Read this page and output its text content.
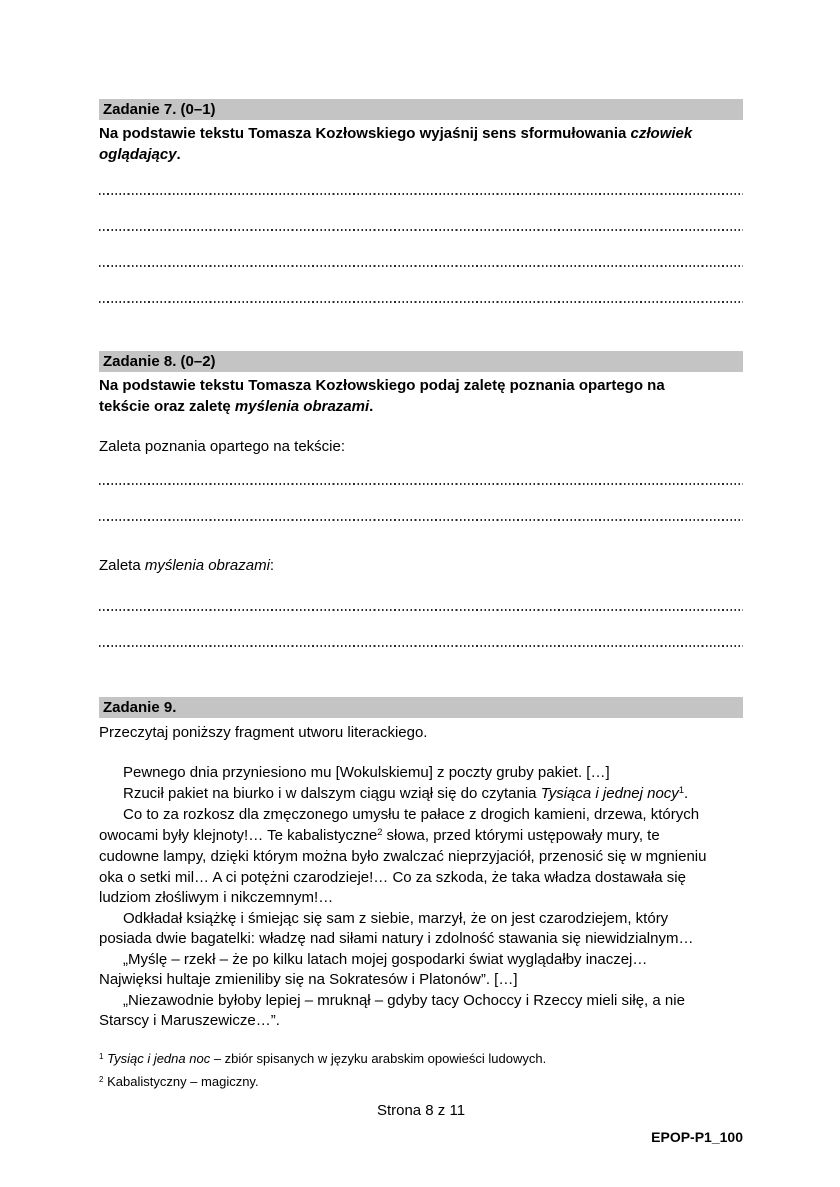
Zadanie 7. (0–1)
Na podstawie tekstu Tomasza Kozłowskiego wyjaśnij sens sformułowania człowiek
oglądający.
Zadanie 8. (0–2)
Na podstawie tekstu Tomasza Kozłowskiego podaj zaletę poznania opartego na
tekście oraz zaletę myślenia obrazami.
Zaleta poznania opartego na tekście:
Zaleta myślenia obrazami:
Zadanie 9.
Przeczytaj poniższy fragment utworu literackiego.
Pewnego dnia przyniesiono mu [Wokulskiemu] z poczty gruby pakiet. […]
Rzucił pakiet na biurko i w dalszym ciągu wziął się do czytania Tysiąca i jednej nocy$^1$.
Co to za rozkosz dla zmęczonego umysłu te pałace z drogich kamieni, drzewa, których
owocami były klejnoty!… Te kabalistyczne$^2$ słowa, przed którymi ustępowały mury, te
cudowne lampy, dzięki którym można było zwalczać nieprzyjaciół, przenosić się w mgnieniu
oka o setki mil… A ci potężni czarodzieje!… Co za szkoda, że taka władza dostawała się
ludziom złośliwym i nikczemnym!…
Odkładał książkę i śmiejąc się sam z siebie, marzył, że on jest czarodziejem, który
posiada dwie bagatelki: władzę nad siłami natury i zdolność stawania się niewidzialnym…
„Myślę – rzekł – że po kilku latach mojej gospodarki świat wyglądałby inaczej…
Najwięksi hultaje zmieniliby się na Sokratesów i Platonów”. […]
„Niezawodnie byłoby lepiej – mruknął – gdyby tacy Ochoccy i Rzeccy mieli siłę, a nie
Starscy i Maruszewicze…”.
$^1$ Tysiąc i jedna noc – zbiór spisanych w języku arabskim opowieści ludowych.
$^2$ Kabalistyczny – magiczny.
Strona 8 z 11
EPOP-P1_100
